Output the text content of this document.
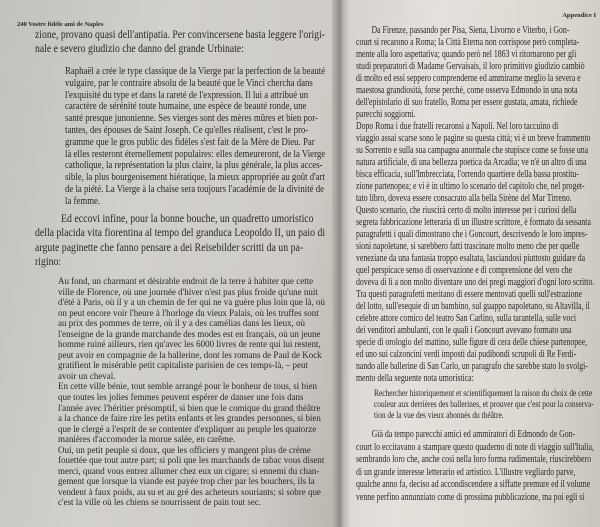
240 Vostre fidèle ami de Naples
zione, provano quasi dell'antipatia. Per convincersene basta leggere l'origi-
nale e severo giudizio che danno del grande Urbinate:
Raphaël a crée le type classique de la Vierge par la perfection de la beauté
vulgaire, par le contraire absolu de la beauté que le Vinci chercha dans
l'exquisité du type et dans la rareté de l'expression. Il lui a attribué un
caractère de sérénité toute humaine, une espèce de beauté ronde, une
santé presque junonienne. Ses vierges sont des mères mûres et bien por-
tantes, des épouses de Saint Joseph. Ce qu'elles réalisent, c'est le pro-
gramme que le gros public des fidèles s'est fait de la Mère de Dieu. Par
là elles resteront éternellement populaires: elles demeureront, de la Vierge
catholique, la représentation la plus claire, la plus générale, la plus acces-
sible, la plus bourgeoisement hiératique, la mieux appropriée au goût d'art
de la piété. La Vierge à la chaise sera toujours l'académie de la divinité de
la femme.
Ed eccovi infine, pour la bonne bouche, un quadretto umoristico
della placida vita fiorentina al tempo del granduca Leopoldo II, un paio di
argute paginette che fanno pensare a dei Reisebilder scritti da un pa-
rigino:
Au fond, un charmant et désirable endroit de la terre à habiter que cette
ville de Florence, où une journée d'hiver n'est pas plus froide qu'une nuit
d'été à Paris, où il y a un chemin de fer qui ne va guère plus loin que là, où
on peut encore voir l'heure à l'horloge du vieux Palais, où les truffes sont
au prix des pommes de terre, où il y a des camélias dans les lieux, où
l'enseigne de la grande marchande des modes est en français, où un jeune
homme ruiné ailleurs, rien qu'avec les 6000 livres de rente qui lui restent,
peut avoir en compagnie de la ballerine, dont les romans de Paul de Kock
gratifient le misérable petit capitaliste parisien de ces temps-là, – peut
avoir un cheval.
En cette ville bénie, tout semble arrangé pour le bonheur de tous, si bien
que toutes les jolies femmes peuvent espérer de danser une fois dans
l'année avec l'héritier présomptif, si bien que le comique du grand théâtre
a la chance de faire rire les petits enfants et les grandes personnes, si bien
que le clergé a l'esprit de se contenter d'expliquer au peuple les quatorze
manières d'accomoder la morue salée, en carême.
Oui, un petit peuple si doux, que les officiers y mangent plus de crème
fouettée que tout autre part; si poli que les marchands de tabac vous disent
merci, quand vous entrez allumer chez eux un cigare; si ennemi du chan-
gement que lorsque la viande est payée trop cher par les bouchers, ils la
vendent à faux poids, au su et au gré des acheteurs souriants; si sobre que
c'est la ville où les chiens se nourrissent de pain tout sec.
Appendice I
Da Firenze, passando per Pisa, Siena, Livorno e Viterbo, i Gon-
court si recarono a Roma; la Città Eterna non corrispose però completa-
mente alla loro aspettativa; quando però nel 1863 vi ritornarono per gli
studi preparatori di Madame Gervaisais, il loro primitivo giudizio cambiò
di molto ed essi seppero comprenderne ed ammirarne meglio la severa e
maestosa grandiosità, forse perché, come osserva Edmondo in una nota
dell'epistolario di suo fratello, Roma per essere gustata, amata, richiede
parecchi soggiorni.
Dopo Roma i due fratelli recaronsi a Napoli. Nel loro taccuino di
viaggio assai scarse sono le pagine su questa città; vi è un breve frammento
su Sorrento e sulla sua campagna anormale che stupisce come se fosse una
natura artificiale, di una bellezza poetica da Arcadia; ve n'è un altro di una
bisca efficacia, sull'Imbrecciata, l'orrendo quartiere della bassa prostitu-
zione partenopea; e vi è in ultimo lo scenario del capitolo che, nel proget-
tato libro, doveva essere consacrato alla bella Sirène del Mar Tirreno.
Questo scenario, che riuscirà certo di molto interesse per i curiosi della
segreta fabbricazione letteraria di un illustre scrittore, è formato da sessanta
paragrafetti i quali dimostrano che i Goncourt, descrivendo le loro impres-
sioni napoletane, si sarebbero fatti trascinare molto meno che per quelle
veneziane da una fantasia troppo esaltata, lasciandosi piuttosto guidare da
quel perspicace senso di osservazione e di comprensione del vero che
doveva di lì a non molto diventare uno dei pregi maggiori d'ogni loro scritto.
Tra questi paragrafetti meritano di essere mentovati quelli sull'estrazione
del lotto, sull'esequie di un bambino, sul guappo napoletano, su Altavilla, il
celebre attore comico del teatro San Carlino, sulla tarantella, sulle voci
dei venditori ambulanti, con le quali i Goncourt avevano formato una
specie di orologio del mattino, sulle figure di cera delle chiese partenopee,
ed uno sui calzoncini verdi imposti dai pudibondi scrupoli di Re Ferdi-
nando alle ballerine di San Carlo, un paragrafo che sarebbe stato lo svolgi-
mento della seguente nota umoristica:
Rechercher historiquement et scientifiquement la raison du choix de cette
couleur aux derrières des ballerines, et prouver que c'est pour la conserva-
tion de la vue des vieux abonnés du théâtre.
Già da tempo parecchi amici ed ammiratori di Edmondo de Gon-
court lo eccitavano a stampare questo quaderno di note di viaggio sull'Italia,
sembrando loro che, anche così nella loro forma rudimentale, riuscirebbero
di un grande interesse letterario ed artistico. L'illustre vegliardo parve,
qualche anno fa, deciso ad accondiscendere a siffatte premure ed il volume
venne perfino annunziato come di prossima pubblicazione, ma poi egli si
